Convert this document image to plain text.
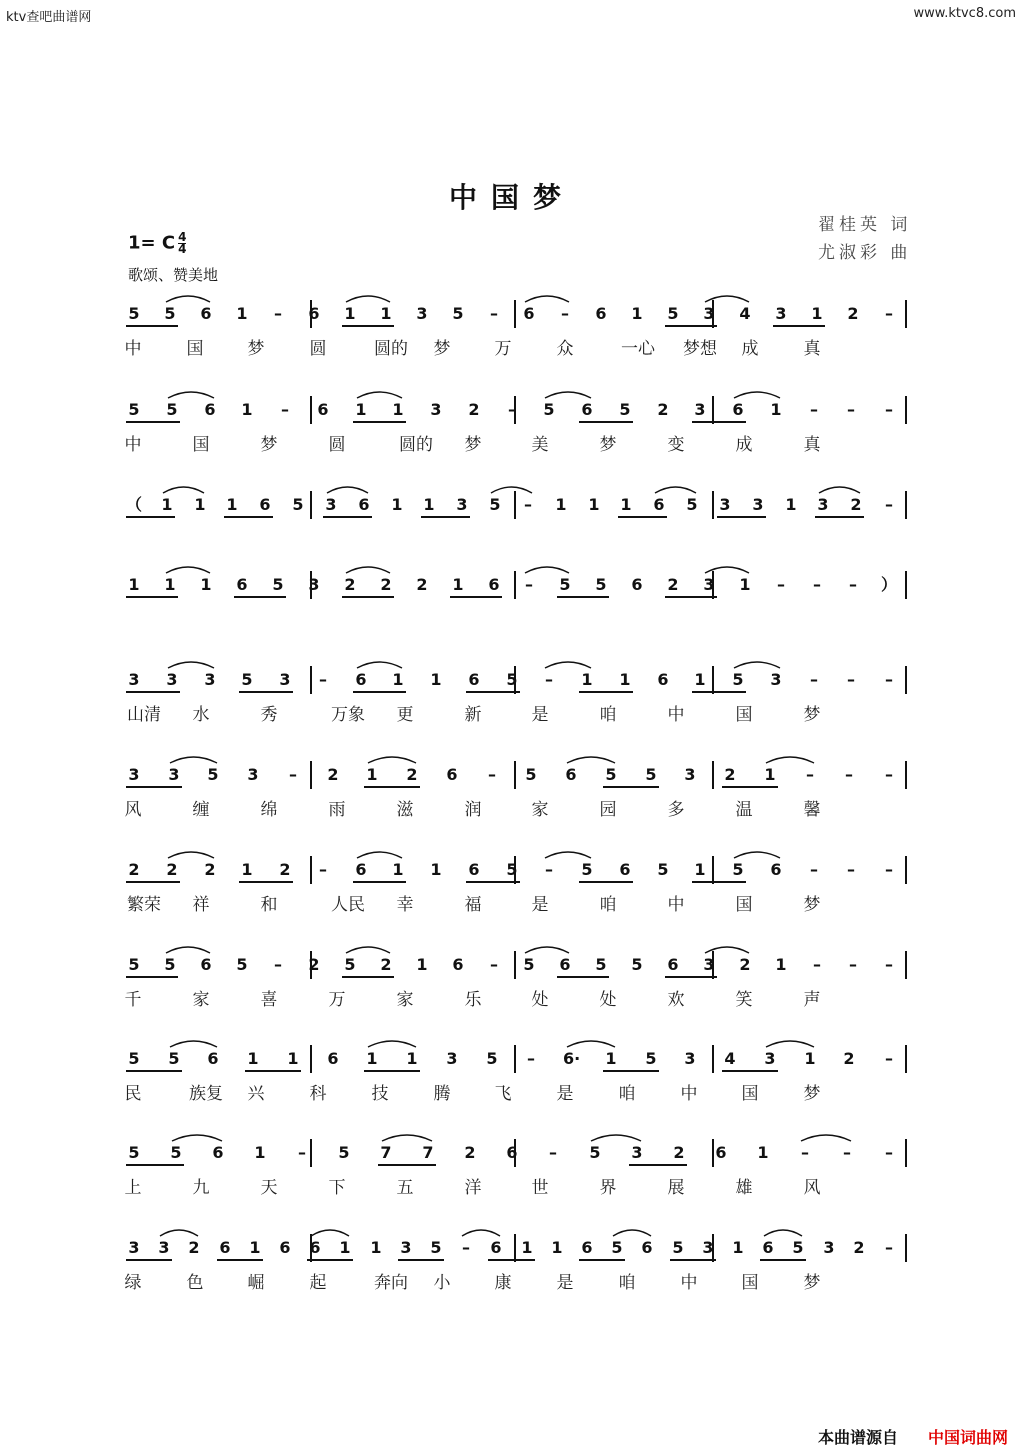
ktv查吧曲谱网	www.ktvc8.com
中国梦
翟桂英 词
尤淑彩 曲
1= C $\frac{4}{4}$
歌颂、赞美地
5 5 6 1 – 6 1 1 3 5 – 6 – 6 1 5 3 4 3 1 2 –
中	国	梦	圆	圆的 梦	万	众	一心 梦想 成	真
5 5 6 1 – 6 1 1 3 2 – 5 6 5 2 3 6 1 – – –
中	国	梦	圆	圆的 梦	美	梦	变	成	真
（ 1 1 1 6 5 3 6 1 1 3 5 – 1 1 1 6 5 3 3 1 3 2 –
1 1 1 6 5 3 2 2 2 1 6 – 5 5 6 2 3 1 – – – ）
3 3 3 5 3 – 6 1 1 6 5 – 1 1 6 1 5 3 – – –
山清 水	秀	万象 更	新	是	咱	中	国	梦
3 3 5 3 – 2 1 2 6 – 5 6 5 5 3 2 1 – – –
风	缠	绵	雨	滋	润	家	园	多	温	馨
2 2 2 1 2 – 6 1 1 6 5 – 5 6 5 1 5 6 – – –
繁荣 祥	和	人民 幸	福	是	咱	中	国	梦
5 5 6 5 – 2 5 2 1 6 – 5 6 5 5 6 3 2 1 – – –
千	家	喜	万	家	乐	处	处	欢	笑	声
5 5 6 1 1 6 1 1 3 5 – 6· 1 5 3 4 3 1 2 –
民	族复 兴	科	技	腾	飞	是	咱	中	国	梦
5 5 6 1 – 5 7 7 2 6 – 5 3 2 6 1 – – –
上	九	天	下	五	洋	世	界	展	雄	风
3 3 2 6 1 6 6 1 1 3 5 – 6 1 1 6 5 6 5 3 1 6 5 3 2 –
绿	色	崛	起	奔向 小	康	是	咱	中	国	梦
本曲谱源自 中国词曲网
